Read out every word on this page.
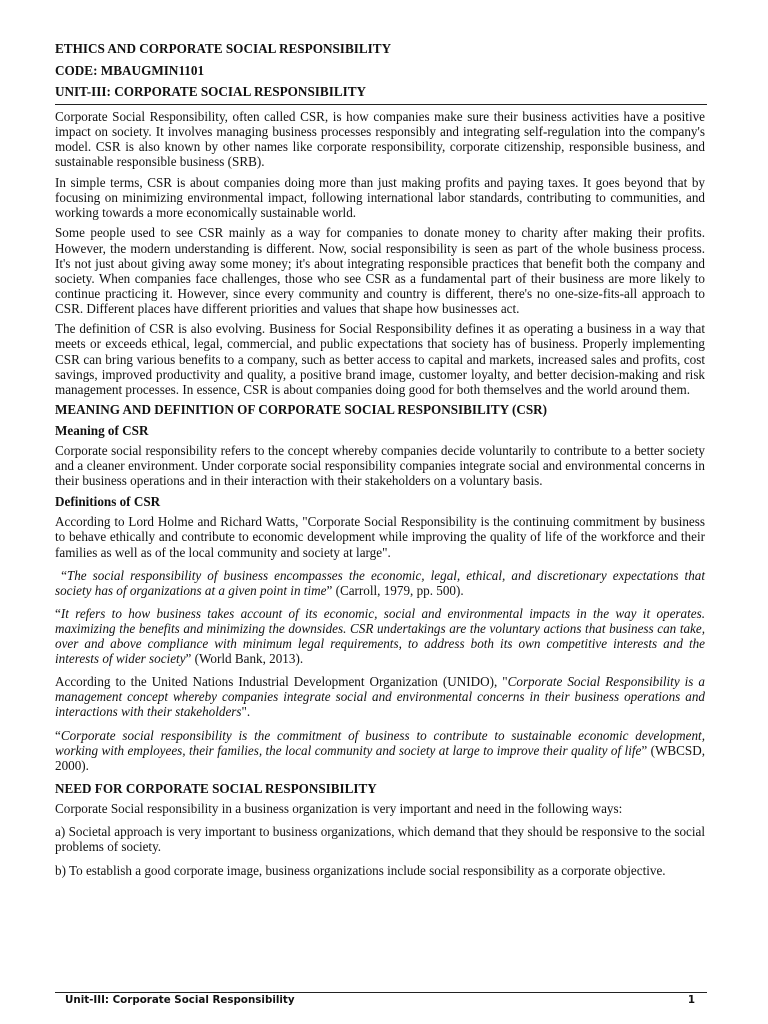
ETHICS AND CORPORATE SOCIAL RESPONSIBILITY
CODE: MBAUGMIN1101
UNIT-III: CORPORATE SOCIAL RESPONSIBILITY

Corporate Social Responsibility, often called CSR, is how companies make sure their business activities have a positive impact on society. It involves managing business processes responsibly and integrating self-regulation into the company's model. CSR is also known by other names like corporate responsibility, corporate citizenship, responsible business, and sustainable responsible business (SRB).

In simple terms, CSR is about companies doing more than just making profits and paying taxes. It goes beyond that by focusing on minimizing environmental impact, following international labor standards, contributing to communities, and working towards a more economically sustainable world.

Some people used to see CSR mainly as a way for companies to donate money to charity after making their profits. However, the modern understanding is different. Now, social responsibility is seen as part of the whole business process. It's not just about giving away some money; it's about integrating responsible practices that benefit both the company and society. When companies face challenges, those who see CSR as a fundamental part of their business are more likely to continue practicing it. However, since every community and country is different, there's no one-size-fits-all approach to CSR. Different places have different priorities and values that shape how businesses act.

The definition of CSR is also evolving. Business for Social Responsibility defines it as operating a business in a way that meets or exceeds ethical, legal, commercial, and public expectations that society has of business. Properly implementing CSR can bring various benefits to a company, such as better access to capital and markets, increased sales and profits, cost savings, improved productivity and quality, a positive brand image, customer loyalty, and better decision-making and risk management processes. In essence, CSR is about companies doing good for both themselves and the world around them.

MEANING AND DEFINITION OF CORPORATE SOCIAL RESPONSIBILITY (CSR)

Meaning of CSR

Corporate social responsibility refers to the concept whereby companies decide voluntarily to contribute to a better society and a cleaner environment. Under corporate social responsibility companies integrate social and environmental concerns in their business operations and in their interaction with their stakeholders on a voluntary basis.

Definitions of CSR

According to Lord Holme and Richard Watts, "Corporate Social Responsibility is the continuing commitment by business to behave ethically and contribute to economic development while improving the quality of life of the workforce and their families as well as of the local community and society at large".

“The social responsibility of business encompasses the economic, legal, ethical, and discretionary expectations that society has of organizations at a given point in time” (Carroll, 1979, pp. 500).

“It refers to how business takes account of its economic, social and environmental impacts in the way it operates. maximizing the benefits and minimizing the downsides. CSR undertakings are the voluntary actions that business can take, over and above compliance with minimum legal requirements, to address both its own competitive interests and the interests of wider society” (World Bank, 2013).

According to the United Nations Industrial Development Organization (UNIDO), "Corporate Social Responsibility is a management concept whereby companies integrate social and environmental concerns in their business operations and interactions with their stakeholders".

“Corporate social responsibility is the commitment of business to contribute to sustainable economic development, working with employees, their families, the local community and society at large to improve their quality of life” (WBCSD, 2000).

NEED FOR CORPORATE SOCIAL RESPONSIBILITY

Corporate Social responsibility in a business organization is very important and need in the following ways:

a) Societal approach is very important to business organizations, which demand that they should be responsive to the social problems of society.

b) To establish a good corporate image, business organizations include social responsibility as a corporate objective.

Unit-III: Corporate Social Responsibility	1
